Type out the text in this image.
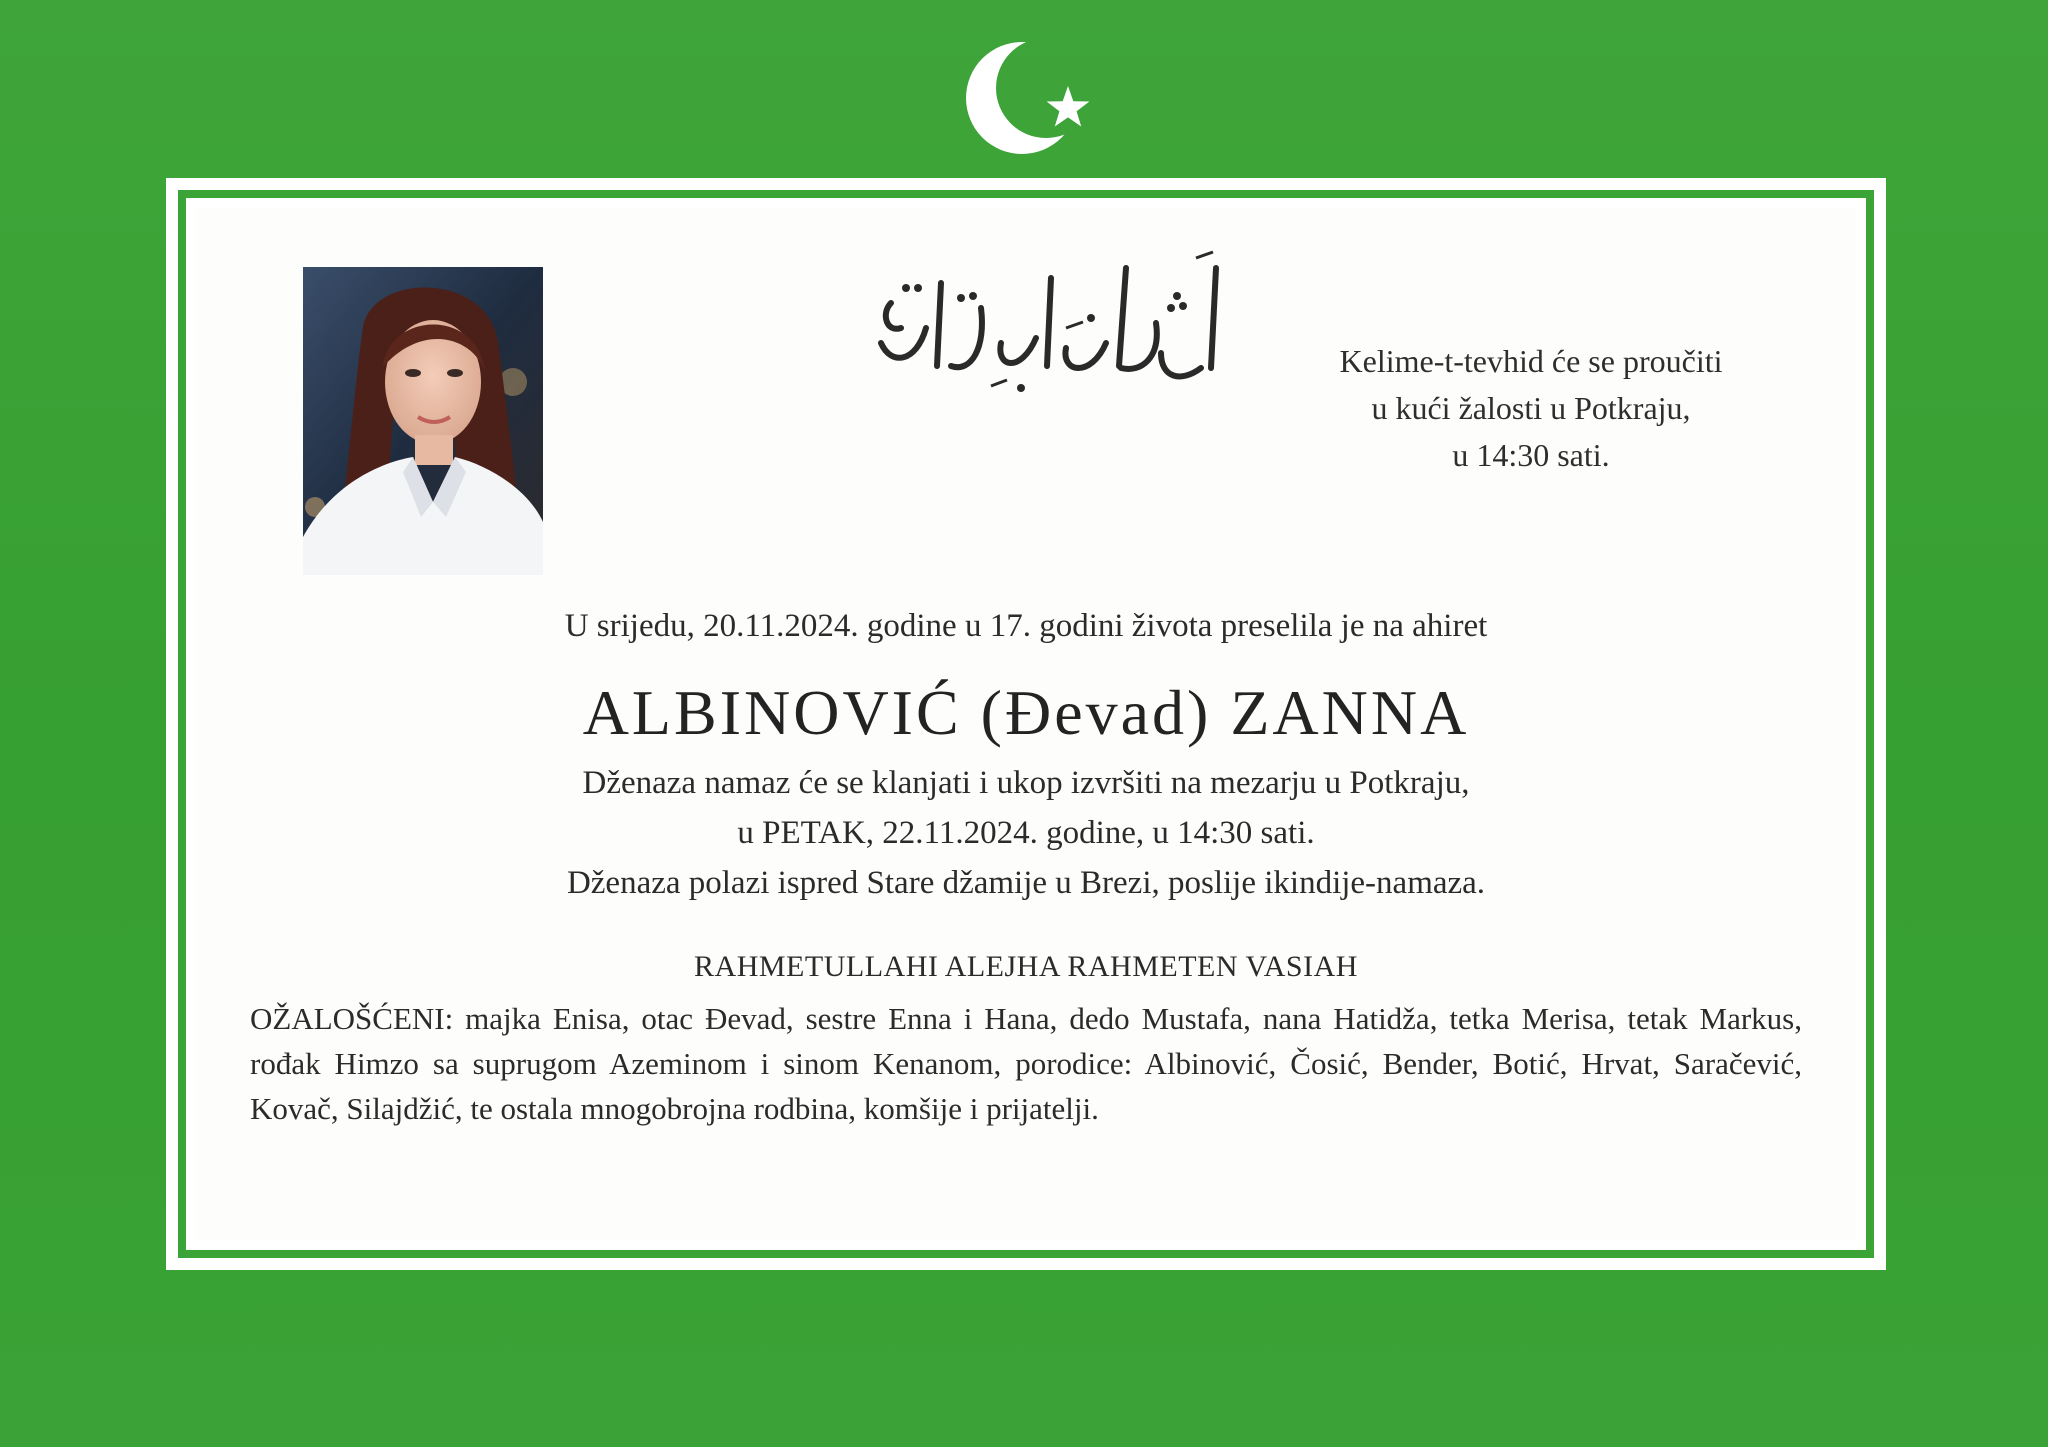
Kelime-t-tevhid će se proučiti
u kući žalosti u Potkraju,
u 14:30 sati.
U srijedu, 20.11.2024. godine u 17. godini života preselila je na ahiret
ALBINOVIĆ (Đevad) ZANNA
Dženaza namaz će se klanjati i ukop izvršiti na mezarju u Potkraju,
u PETAK, 22.11.2024. godine, u 14:30 sati.
Dženaza polazi ispred Stare džamije u Brezi, poslije ikindije-namaza.
RAHMETULLAHI ALEJHA RAHMETEN VASIAH
OŽALOŠĆENI: majka Enisa, otac Đevad, sestre Enna i Hana, dedo Mustafa, nana Hatidža, tetka Merisa, tetak Markus, rođak Himzo sa suprugom Azeminom i sinom Kenanom, porodice: Albinović, Čosić, Bender, Botić, Hrvat, Saračević, Kovač, Silajdžić, te ostala mnogobrojna rodbina, komšije i prijatelji.
